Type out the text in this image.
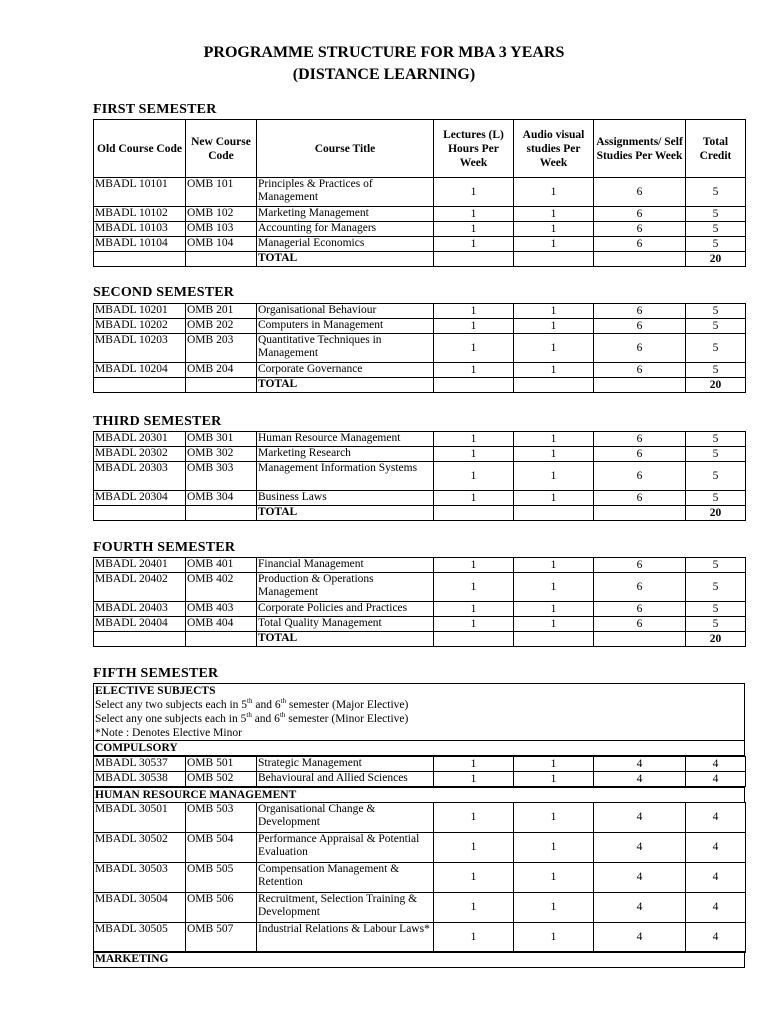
PROGRAMME STRUCTURE FOR MBA 3 YEARS
(DISTANCE LEARNING)
FIRST SEMESTER
Old Course Code	New Course Code	Course Title	Lectures (L) Hours Per Week	Audio visual studies Per Week	Assignments/ Self Studies Per Week	Total Credit
MBADL 10101	OMB 101	Principles & Practices of Management	1	1	6	5
MBADL 10102	OMB 102	Marketing Management	1	1	6	5
MBADL 10103	OMB 103	Accounting for Managers	1	1	6	5
MBADL 10104	OMB 104	Managerial Economics	1	1	6	5
		TOTAL				20
SECOND SEMESTER
MBADL 10201	OMB 201	Organisational Behaviour	1	1	6	5
MBADL 10202	OMB 202	Computers in Management	1	1	6	5
MBADL 10203	OMB 203	Quantitative Techniques in Management	1	1	6	5
MBADL 10204	OMB 204	Corporate Governance	1	1	6	5
		TOTAL				20
THIRD SEMESTER
MBADL 20301	OMB 301	Human Resource Management	1	1	6	5
MBADL 20302	OMB 302	Marketing Research	1	1	6	5
MBADL 20303	OMB 303	Management Information Systems	1	1	6	5
MBADL 20304	OMB 304	Business Laws	1	1	6	5
		TOTAL				20
FOURTH SEMESTER
MBADL 20401	OMB 401	Financial Management	1	1	6	5
MBADL 20402	OMB 402	Production & Operations Management	1	1	6	5
MBADL 20403	OMB 403	Corporate Policies and Practices	1	1	6	5
MBADL 20404	OMB 404	Total Quality Management	1	1	6	5
		TOTAL				20
FIFTH SEMESTER
ELECTIVE SUBJECTS
Select any two subjects each in 5th and 6th semester (Major Elective)
Select any one subjects each in 5th and 6th semester (Minor Elective)
*Note : Denotes Elective Minor
COMPULSORY
MBADL 30537	OMB 501	Strategic Management	1	1	4	4
MBADL 30538	OMB 502	Behavioural and Allied Sciences	1	1	4	4
HUMAN RESOURCE MANAGEMENT
MBADL 30501	OMB 503	Organisational Change & Development	1	1	4	4
MBADL 30502	OMB 504	Performance Appraisal & Potential Evaluation	1	1	4	4
MBADL 30503	OMB 505	Compensation Management & Retention	1	1	4	4
MBADL 30504	OMB 506	Recruitment, Selection Training & Development	1	1	4	4
MBADL 30505	OMB 507	Industrial Relations & Labour Laws*	1	1	4	4
MARKETING
